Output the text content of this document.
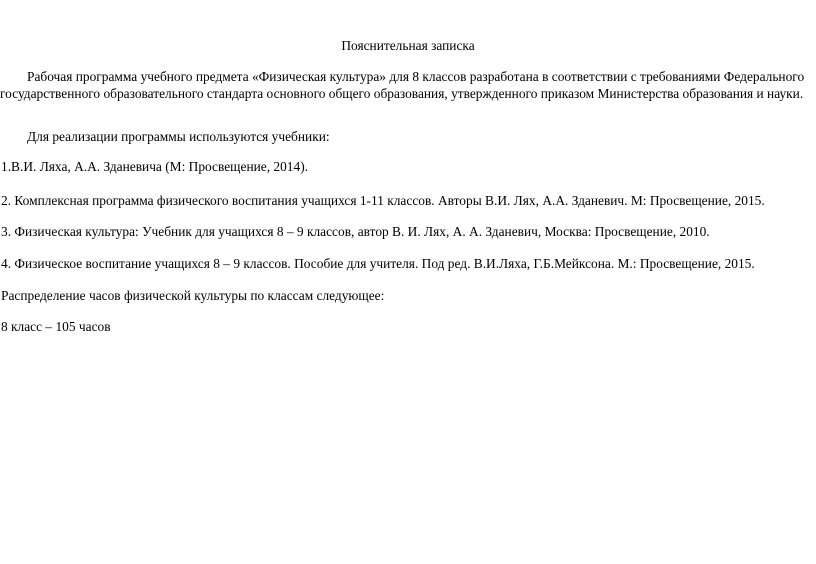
Пояснительная записка
Рабочая программа учебного предмета «Физическая культура» для 8 классов разработана в соответствии с требованиями Федерального государственного образовательного стандарта основного общего образования, утвержденного приказом Министерства образования и науки.
Для реализации программы используются учебники:
1.В.И. Ляха, А.А. Зданевича (М: Просвещение, 2014).
2. Комплексная программа физического воспитания учащихся 1-11 классов. Авторы В.И. Лях, А.А. Зданевич. М: Просвещение, 2015.
3. Физическая культура: Учебник для учащихся 8 – 9 классов, автор В. И. Лях, А. А. Зданевич, Москва: Просвещение, 2010.
4. Физическое воспитание учащихся 8 – 9 классов. Пособие для учителя. Под ред. В.И.Ляха, Г.Б.Мейксона. М.: Просвещение, 2015.
Распределение часов физической культуры по классам следующее:
8 класс – 105 часов
